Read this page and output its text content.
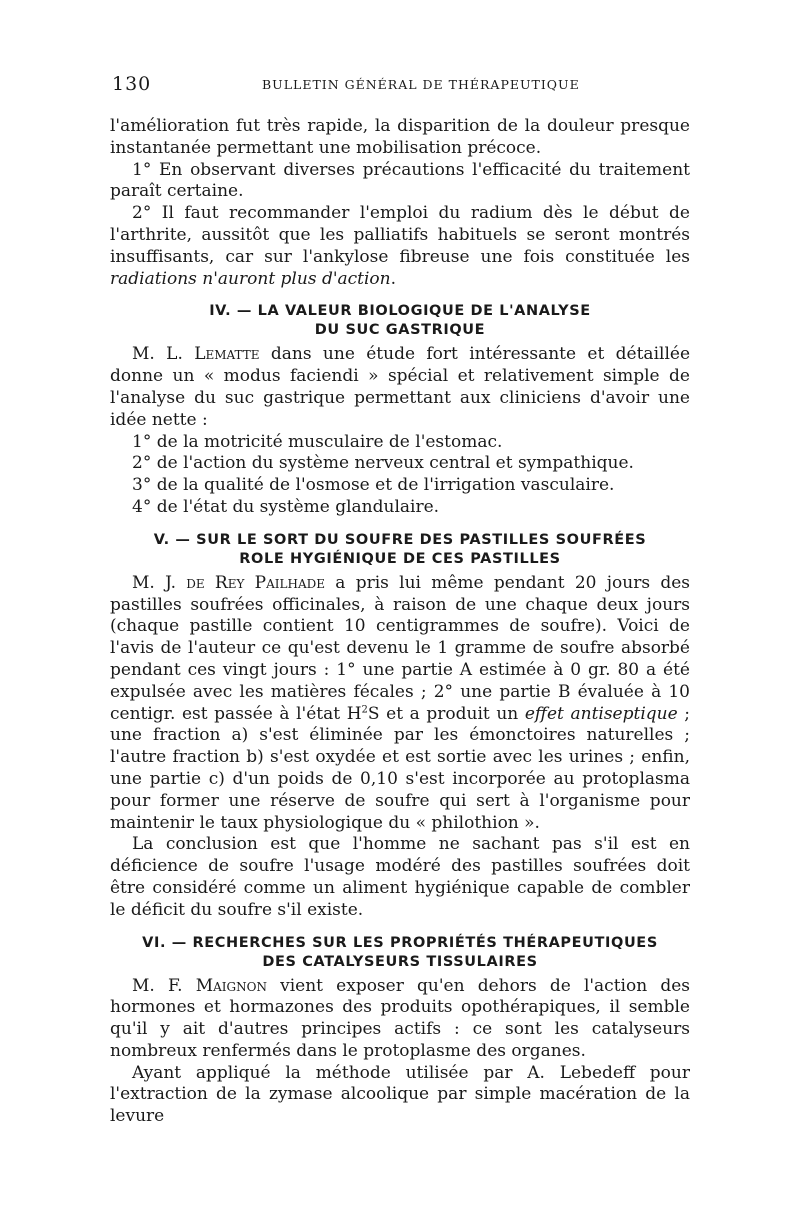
130	BULLETIN GÉNÉRAL DE THÉRAPEUTIQUE

l'amélioration fut très rapide, la disparition de la douleur presque instantanée permettant une mobilisation précoce.

1° En observant diverses précautions l'efficacité du traitement paraît certaine.

2° Il faut recommander l'emploi du radium dès le début de l'arthrite, aussitôt que les palliatifs habituels se seront montrés insuffisants, car sur l'ankylose fibreuse une fois constituée les radiations n'auront plus d'action.

IV. — LA VALEUR BIOLOGIQUE DE L'ANALYSE
DU SUC GASTRIQUE

M. L. Lematte dans une étude fort intéressante et détaillée donne un « modus faciendi » spécial et relativement simple de l'analyse du suc gastrique permettant aux cliniciens d'avoir une idée nette :

1° de la motricité musculaire de l'estomac.

2° de l'action du système nerveux central et sympathique.

3° de la qualité de l'osmose et de l'irrigation vasculaire.

4° de l'état du système glandulaire.

V. — SUR LE SORT DU SOUFRE DES PASTILLES SOUFRÉES
ROLE HYGIÉNIQUE DE CES PASTILLES

M. J. de Rey Pailhade a pris lui même pendant 20 jours des pastilles soufrées officinales, à raison de une chaque deux jours (chaque pastille contient 10 centigrammes de soufre). Voici de l'avis de l'auteur ce qu'est devenu le 1 gramme de soufre absorbé pendant ces vingt jours : 1° une partie A estimée à 0 gr. 80 a été expulsée avec les matières fécales ; 2° une partie B évaluée à 10 centigr. est passée à l'état $H^2S$ et a produit un effet antiseptique ; une fraction a) s'est éliminée par les émonctoires naturelles ; l'autre fraction b) s'est oxydée et est sortie avec les urines ; enfin, une partie c) d'un poids de 0,10 s'est incorporée au protoplasma pour former une réserve de soufre qui sert à l'organisme pour maintenir le taux physiologique du « philothion ».

La conclusion est que l'homme ne sachant pas s'il est en déficience de soufre l'usage modéré des pastilles soufrées doit être considéré comme un aliment hygiénique capable de combler le déficit du soufre s'il existe.

VI. — RECHERCHES SUR LES PROPRIÉTÉS THÉRAPEUTIQUES
DES CATALYSEURS TISSULAIRES

M. F. Maignon vient exposer qu'en dehors de l'action des hormones et hormazones des produits opothérapiques, il semble qu'il y ait d'autres principes actifs : ce sont les catalyseurs nombreux renfermés dans le protoplasme des organes.

Ayant appliqué la méthode utilisée par A. Lebedeff pour l'extraction de la zymase alcoolique par simple macération de la levure
